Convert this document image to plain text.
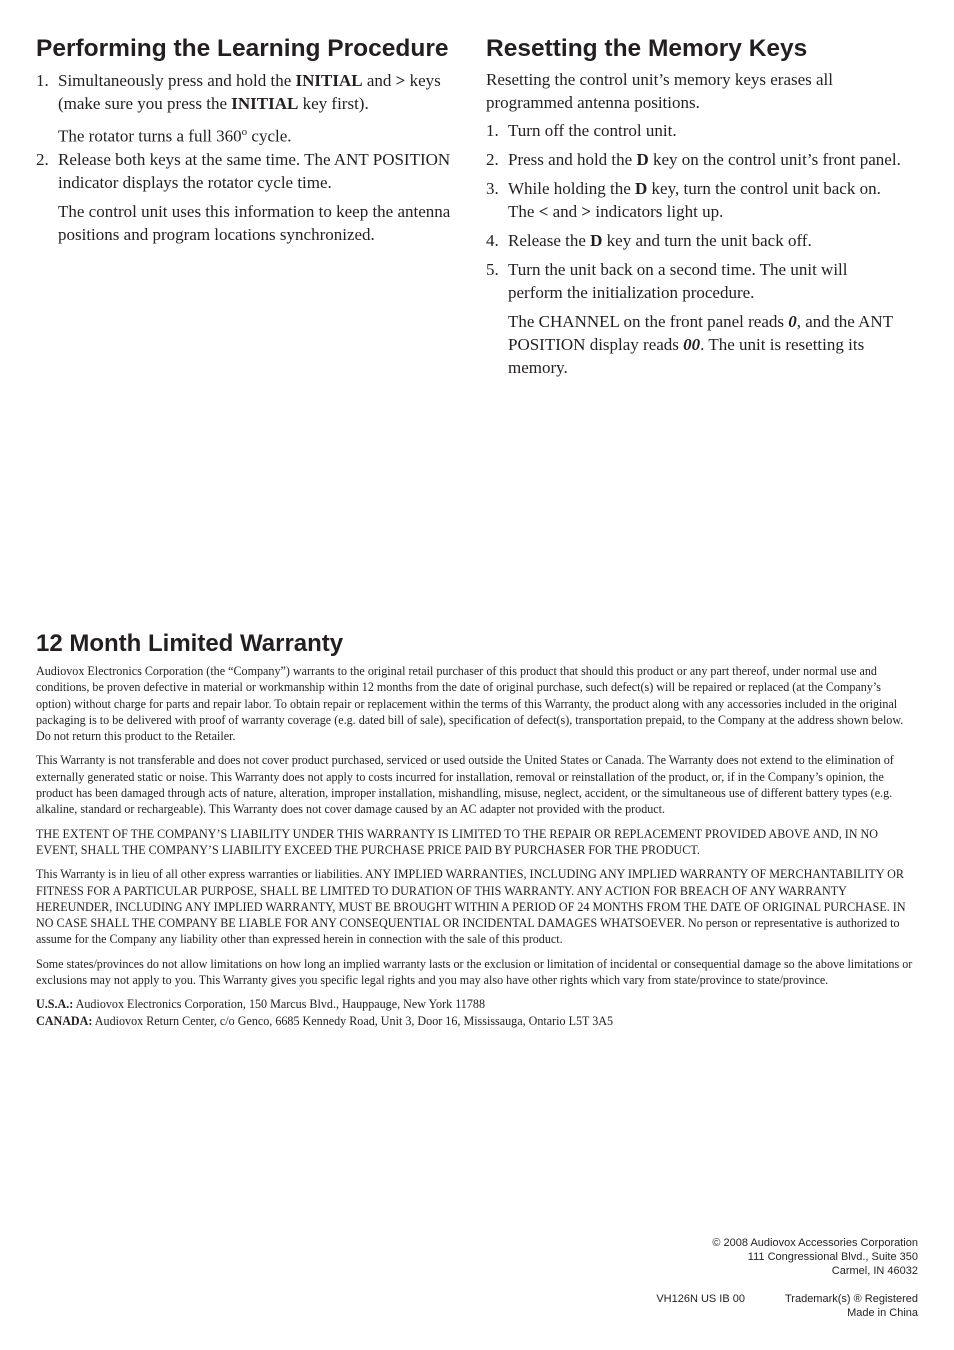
Performing the Learning Procedure
1. Simultaneously press and hold the INITIAL and > keys (make sure you press the INITIAL key first).

The rotator turns a full 360$^o$ cycle.

2. Release both keys at the same time. The ANT POSITION indicator displays the rotator cycle time.

The control unit uses this information to keep the antenna positions and program locations synchronized.

Resetting the Memory Keys

Resetting the control unit’s memory keys erases all programmed antenna positions.

1. Turn off the control unit.
2. Press and hold the D key on the control unit’s front panel.
3. While holding the D key, turn the control unit back on. The < and > indicators light up.
4. Release the D key and turn the unit back off.
5. Turn the unit back on a second time. The unit will perform the initialization procedure.

The CHANNEL on the front panel reads 0, and the ANT POSITION display reads 00. The unit is resetting its memory.

12 Month Limited Warranty

Audiovox Electronics Corporation (the “Company”) warrants to the original retail purchaser of this product that should this product or any part thereof, under normal use and conditions, be proven defective in material or workmanship within 12 months from the date of original purchase, such defect(s) will be repaired or replaced (at the Company’s option) without charge for parts and repair labor. To obtain repair or replacement within the terms of this Warranty, the product along with any accessories included in the original packaging is to be delivered with proof of warranty coverage (e.g. dated bill of sale), specification of defect(s), transportation prepaid, to the Company at the address shown below. Do not return this product to the Retailer.

This Warranty is not transferable and does not cover product purchased, serviced or used outside the United States or Canada. The Warranty does not extend to the elimination of externally generated static or noise. This Warranty does not apply to costs incurred for installation, removal or reinstallation of the product, or, if in the Company’s opinion, the product has been damaged through acts of nature, alteration, improper installation, mishandling, misuse, neglect, accident, or the simultaneous use of different battery types (e.g. alkaline, standard or rechargeable). This Warranty does not cover damage caused by an AC adapter not provided with the product.

THE EXTENT OF THE COMPANY’S LIABILITY UNDER THIS WARRANTY IS LIMITED TO THE REPAIR OR REPLACEMENT PROVIDED ABOVE AND, IN NO EVENT, SHALL THE COMPANY’S LIABILITY EXCEED THE PURCHASE PRICE PAID BY PURCHASER FOR THE PRODUCT.

This Warranty is in lieu of all other express warranties or liabilities. ANY IMPLIED WARRANTIES, INCLUDING ANY IMPLIED WARRANTY OF MERCHANTABILITY OR FITNESS FOR A PARTICULAR PURPOSE, SHALL BE LIMITED TO DURATION OF THIS WARRANTY. ANY ACTION FOR BREACH OF ANY WARRANTY HEREUNDER, INCLUDING ANY IMPLIED WARRANTY, MUST BE BROUGHT WITHIN A PERIOD OF 24 MONTHS FROM THE DATE OF ORIGINAL PURCHASE. IN NO CASE SHALL THE COMPANY BE LIABLE FOR ANY CONSEQUENTIAL OR INCIDENTAL DAMAGES WHATSOEVER. No person or representative is authorized to assume for the Company any liability other than expressed herein in connection with the sale of this product.

Some states/provinces do not allow limitations on how long an implied warranty lasts or the exclusion or limitation of incidental or consequential damage so the above limitations or exclusions may not apply to you. This Warranty gives you specific legal rights and you may also have other rights which vary from state/province to state/province.

U.S.A.: Audiovox Electronics Corporation, 150 Marcus Blvd., Hauppauge, New York 11788

CANADA: Audiovox Return Center, c/o Genco, 6685 Kennedy Road, Unit 3, Door 16, Mississauga, Ontario L5T 3A5

© 2008 Audiovox Accessories Corporation
111 Congressional Blvd., Suite 350
Carmel, IN 46032
VH126N US IB 00	Trademark(s) ® Registered
Made in China
